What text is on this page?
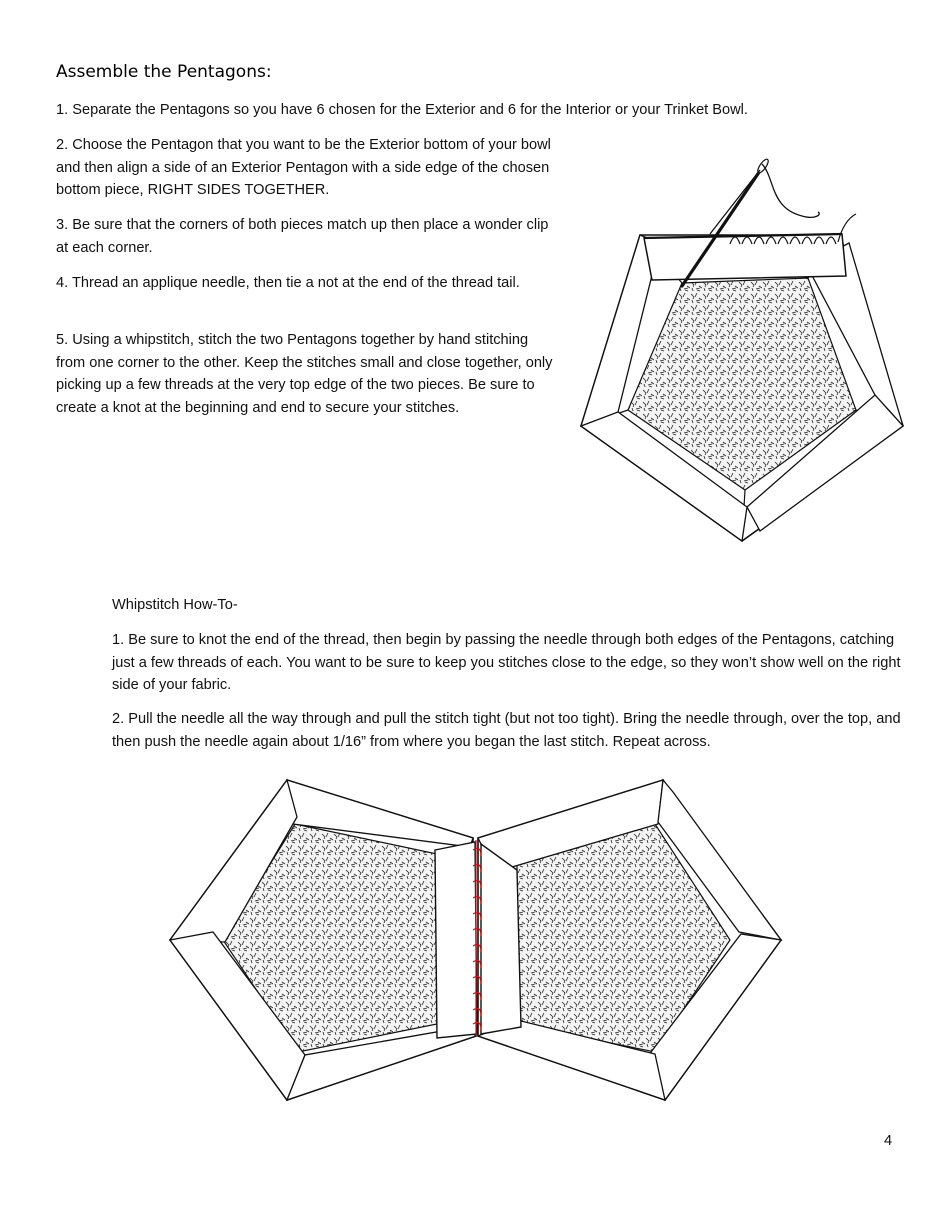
Assemble the Pentagons:

1. Separate the Pentagons so you have 6 chosen for the Exterior and 6 for the Interior or your Trinket Bowl.

2. Choose the Pentagon that you want to be the Exterior bottom of your bowl and then align a side of an Exterior Pentagon with a side edge of the chosen bottom piece, RIGHT SIDES TOGETHER.

3. Be sure that the corners of both pieces match up then place a wonder clip at each corner.

4. Thread an applique needle, then tie a not at the end of the thread tail.

5. Using a whipstitch, stitch the two Pentagons together by hand stitching from one corner to the other. Keep the stitches small and close together, only picking up a few threads at the very top edge of the two pieces. Be sure to create a knot at the beginning and end to secure your stitches.

Whipstitch How-To-

1. Be sure to knot the end of the thread, then begin by passing the needle through both edges of the Pentagons, catching just a few threads of each. You want to be sure to keep you stitches close to the edge, so they won’t show well on the right side of your fabric.

2. Pull the needle all the way through and pull the stitch tight (but not too tight). Bring the needle through, over the top, and then push the needle again about 1/16” from where you began the last stitch. Repeat across.

4
